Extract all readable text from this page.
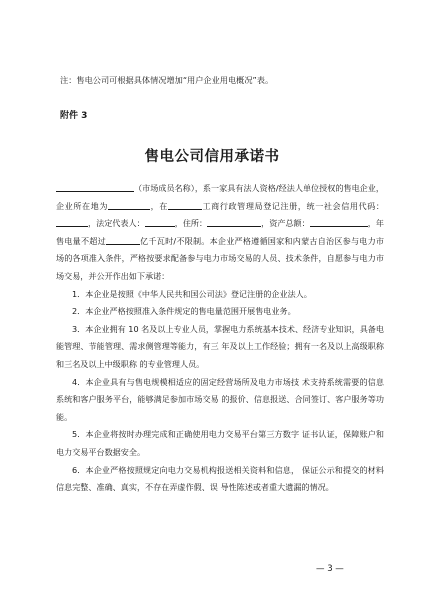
注：售电公司可根据具体情况增加“用户企业用电概况”表。
附件 3
售电公司信用承诺书

（市场成员名称），系一家具有法人资格/经法人单位授权的售电企业，企业所在地为	，在	工商行政管理局登记注册，统一社会信用代码：，法定代表人：	，住所：	，资产总额：	，年售电量不超过	亿千瓦时/不限制。本企业严格遵循国家和内蒙古自治区参与电力市场的各项准入条件，严格按要求配备参与电力市场交易的人员、技术条件，自愿参与电力市场交易，并公开作出如下承诺：

1．本企业是按照《中华人民共和国公司法》登记注册的企业法人。

2．本企业严格按照准入条件规定的售电量范围开展售电业务。

3．本企业拥有 10 名及以上专业人员，掌握电力系统基本技术、经济专业知识，具备电能管理、节能管理、需求侧管理等能力，有三 年及以上工作经验；拥有一名及以上高级职称和三名及以上中级职称 的专业管理人员。

4．本企业具有与售电规模相适应的固定经营场所及电力市场技 术支持系统需要的信息系统和客户服务平台，能够满足参加市场交易 的报价、信息报送、合同签订、客户服务等功能。

5．本企业将按时办理完成和正确使用电力交易平台第三方数字 证书认证，保障账户和电力交易平台数据安全。

6．本企业严格按照规定向电力交易机构报送相关资料和信息， 保证公示和提交的材料信息完整、准确、真实，不存在弄虚作假、误 导性陈述或者重大遗漏的情况。

— 3 —
